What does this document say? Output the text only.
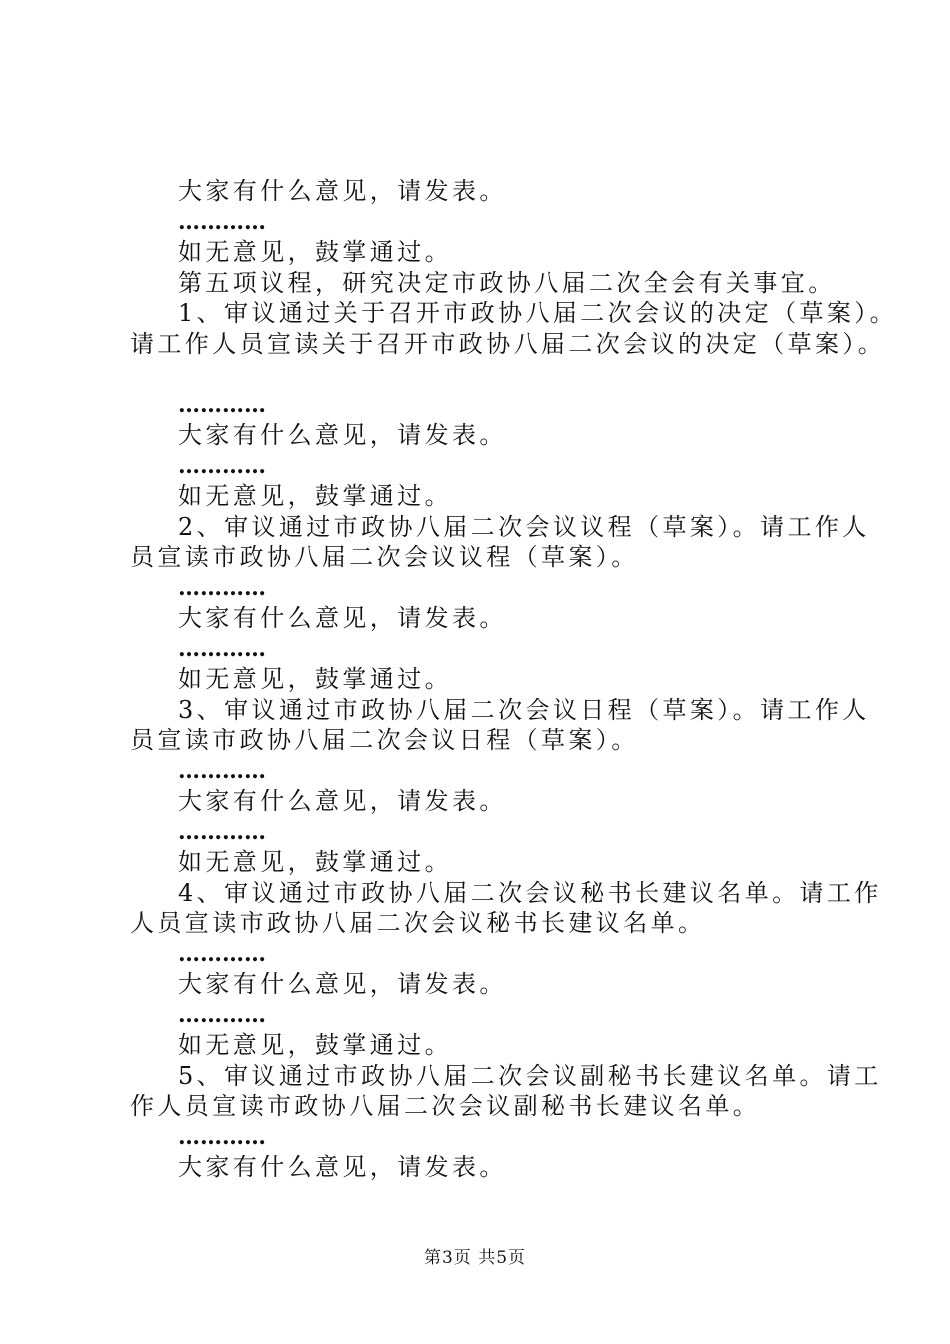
大家有什么意见，请发表。
…………
如无意见，鼓掌通过。
第五项议程，研究决定市政协八届二次全会有关事宜。
1、审议通过关于召开市政协八届二次会议的决定（草案）。
请工作人员宣读关于召开市政协八届二次会议的决定（草案）。
…………
大家有什么意见，请发表。
…………
如无意见，鼓掌通过。
2、审议通过市政协八届二次会议议程（草案）。请工作人
员宣读市政协八届二次会议议程（草案）。
…………
大家有什么意见，请发表。
…………
如无意见，鼓掌通过。
3、审议通过市政协八届二次会议日程（草案）。请工作人
员宣读市政协八届二次会议日程（草案）。
…………
大家有什么意见，请发表。
…………
如无意见，鼓掌通过。
4、审议通过市政协八届二次会议秘书长建议名单。请工作
人员宣读市政协八届二次会议秘书长建议名单。
…………
大家有什么意见，请发表。
…………
如无意见，鼓掌通过。
5、审议通过市政协八届二次会议副秘书长建议名单。请工
作人员宣读市政协八届二次会议副秘书长建议名单。
…………
大家有什么意见，请发表。
第3页 共5页
